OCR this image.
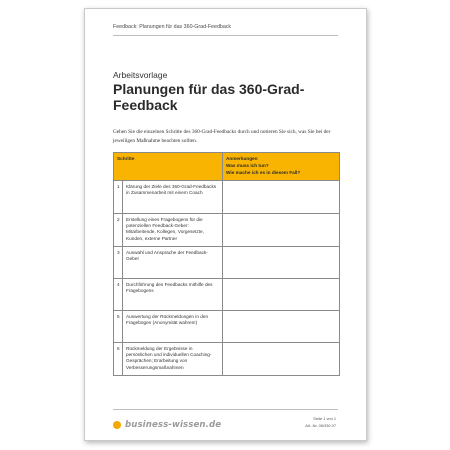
Feedback: Planungen für das 360-Grad-Feedback
Arbeitsvorlage
Planungen für das 360-Grad-Feedback
Gehen Sie die einzelnen Schritte des 360-Grad-Feedbacks durch und notieren Sie sich, was Sie bei der jeweiligen Maßnahme beachten sollten.
Schritte		Anmerkungen
Was muss ich tun?
Wie mache ich es in diesem Fall?

1	Klärung der Ziele des 360-Grad-Feedbacks in Zusammenarbeit mit einem Coach	
2	Erstellung eines Fragebogens für die potenziellen Feedback-Geber: Mitarbeitende, Kollegen, Vorgesetzte, Kunden, externe Partner	
3	Auswahl und Ansprache der Feedback-Geber	
4	Durchführung des Feedbacks mithilfe des Fragebogens	
5	Auswertung der Rückmeldungen in den Fragebögen (Anonymität wahren!)	
6	Rückmeldung der Ergebnisse in persönlichen und individuellen Coaching-Gesprächen; Erarbeitung von Verbesserungsmaßnahmen	
business-wissen.de
Seite 1 von 1
Art.-Nr. 06/330 07
